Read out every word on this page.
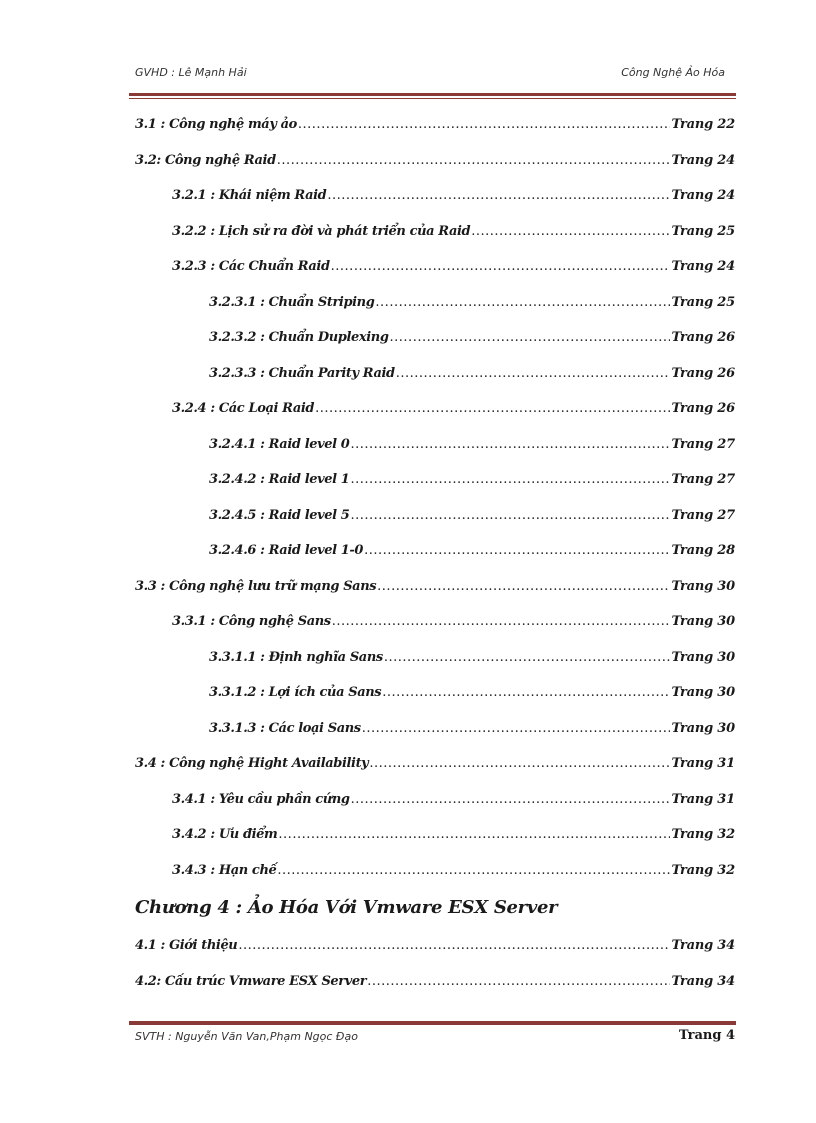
GVHD : Lê Mạnh Hải	Công Nghệ Ảo Hóa
3.1 : Công nghệ máy ảo .....	Trang 22
3.2: Công nghệ Raid .....	Trang 24
3.2.1 : Khái niệm Raid .....	Trang 24
3.2.2 : Lịch sử ra đời và phát triển của Raid .....	Trang 25
3.2.3 : Các Chuẩn Raid .....	Trang 24
3.2.3.1 : Chuẩn Striping .....	Trang 25
3.2.3.2 : Chuẩn Duplexing .....	Trang 26
3.2.3.3 : Chuẩn Parity Raid .....	Trang 26
3.2.4 : Các Loại Raid .....	Trang 26
3.2.4.1 : Raid level 0 .....	Trang 27
3.2.4.2 : Raid level 1 .....	Trang 27
3.2.4.5 : Raid level 5 .....	Trang 27
3.2.4.6 : Raid level 1-0 .....	Trang 28
3.3 : Công nghệ lưu trữ mạng Sans .....	Trang 30
3.3.1 : Công nghệ Sans .....	Trang 30
3.3.1.1 : Định nghĩa Sans .....	Trang 30
3.3.1.2 : Lợi ích của Sans .....	Trang 30
3.3.1.3 : Các loại Sans .....	Trang 30
3.4 : Công nghệ Hight Availability .....	Trang 31
3.4.1 : Yêu cầu phần cứng .....	Trang 31
3.4.2 : Ưu điểm .....	Trang 32
3.4.3 : Hạn chế .....	Trang 32
4.1 : Giới thiệu .....	Trang 34
4.2: Cấu trúc Vmware ESX Server .....	Trang 34
Chương 4 : Ảo Hóa Với Vmware ESX Server
SVTH : Nguyễn Văn Van,Phạm Ngọc Đạo	Trang 4
